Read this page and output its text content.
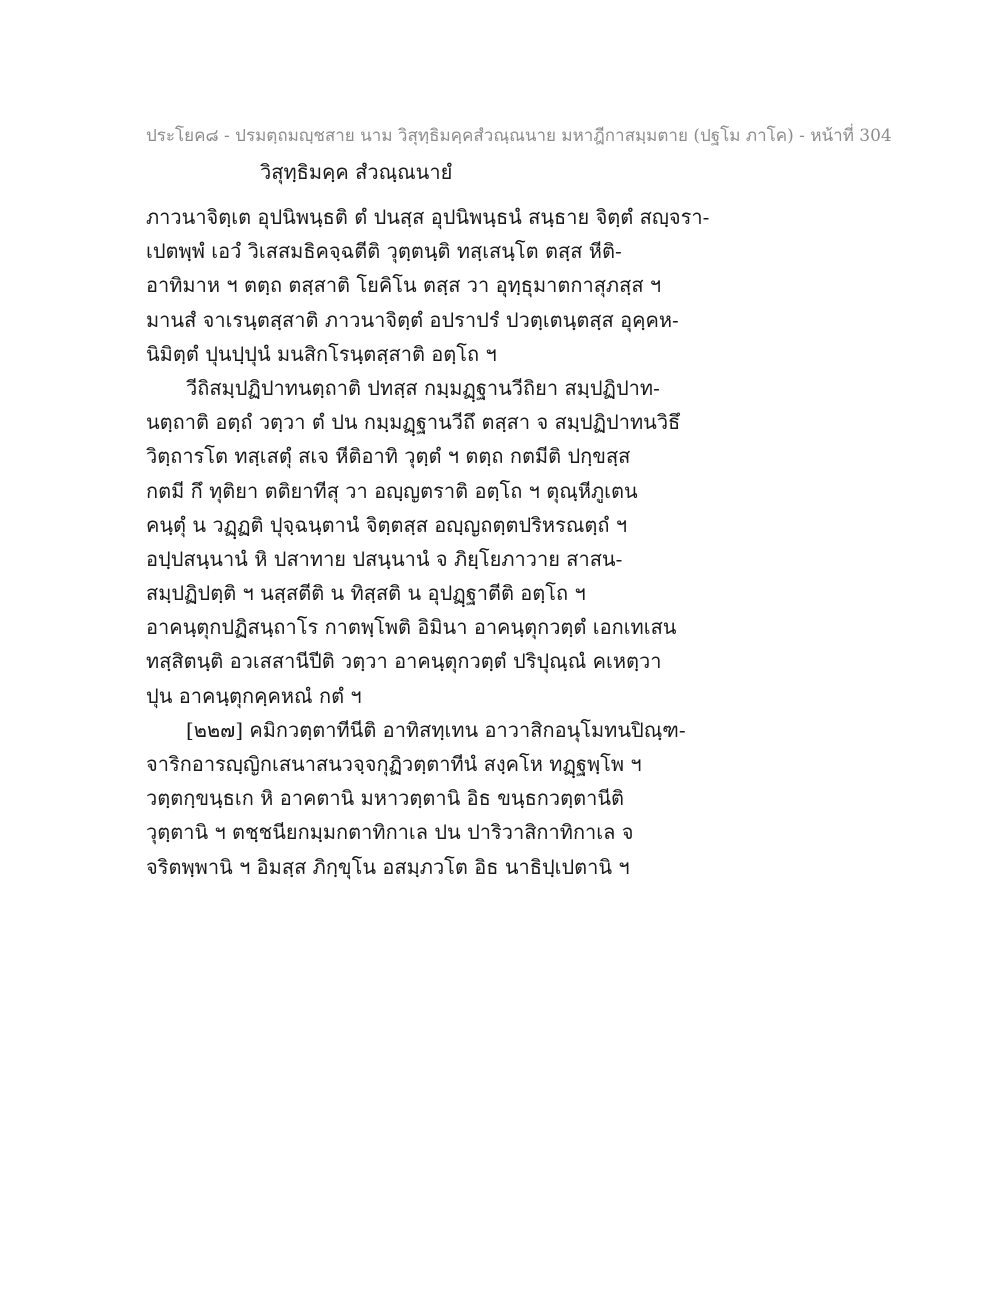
ประโยค๘ - ปรมตฺถมญฺชสาย นาม วิสุทฺธิมคฺคสํวณฺณนาย มหาฎีกาสมฺมตาย (ปฐโม ภาโค) - หน้าที่ 304
วิสุทฺธิมคฺค สํวณฺณนายํ
ภาวนาจิตฺเต อุปนิพนฺธติ ตํ ปนสฺส อุปนิพนฺธนํ สนฺธาย จิตฺตํ สญฺจรา-
เปตพฺพํ เอวํ วิเสสมธิคจฺฉตีติ วุตฺตนฺติ ทสฺเสนฺโต ตสฺส หีติ-
อาทิมาห ฯ ตตฺถ ตสฺสาติ โยคิโน ตสฺส วา อุทฺธุมาตกาสุภสฺส ฯ
มานสํ จาเรนฺตสฺสาติ ภาวนาจิตฺตํ อปราปรํ ปวตฺเตนฺตสฺส อุคฺคห-
นิมิตฺตํ ปุนปฺปุนํ มนสิกโรนฺตสฺสาติ อตฺโถ ฯ
วีถิสมฺปฏิปาทนตฺถาติ ปทสฺส กมฺมฏฺฐานวีถิยา สมฺปฏิปาท-
นตฺถาติ อตฺถํ วตฺวา ตํ ปน กมฺมฏฺฐานวีถึ ตสฺสา จ สมฺปฏิปาทนวิธึ
วิตฺถารโต ทสฺเสตุํ สเจ หีติอาทิ วุตฺตํ ฯ ตตฺถ กตมีติ ปกฺขสฺส
กตมี กึ ทุติยา ตติยาทีสุ วา อญฺญตราติ อตฺโถ ฯ ตุณฺหีภูเตน
คนฺตุํ น วฏฺฏติ ปุจฺฉนฺตานํ จิตฺตสฺส อญฺญถตฺตปริหรณตฺถํ ฯ
อปฺปสนฺนานํ หิ ปสาทาย ปสนฺนานํ จ ภิยฺโยภาวาย สาสน-
สมฺปฏิปตฺติ ฯ นสฺสตีติ น ทิสฺสติ น อุปฏฺฐาตีติ อตฺโถ ฯ
อาคนฺตุกปฏิสนฺถาโร กาตพฺโพติ อิมินา อาคนฺตุกวตฺตํ เอกเทเสน
ทสฺสิตนฺติ อวเสสานีปีติ วตฺวา อาคนฺตุกวตฺตํ ปริปุณฺณํ คเหตฺวา
ปุน อาคนฺตุกคฺคหณํ กตํ ฯ
[๒๒๗] คมิกวตฺตาทีนีติ อาทิสทฺเทน อาวาสิกอนุโมทนปิณฺฑ-
จาริกอารญฺญิกเสนาสนวจฺจกุฏิวตฺตาทีนํ สงฺคโห ทฏฺฐพฺโพ ฯ
วตฺตกฺขนฺธเก หิ อาคตานิ มหาวตฺตานิ อิธ ขนฺธกวตฺตานีติ
วุตฺตานิ ฯ ตชฺชนียกมฺมกตาทิกาเล ปน ปาริวาสิกาทิกาเล จ
จริตพฺพานิ ฯ อิมสฺส ภิกฺขุโน อสมฺภวโต อิธ นาธิปฺเปตานิ ฯ
